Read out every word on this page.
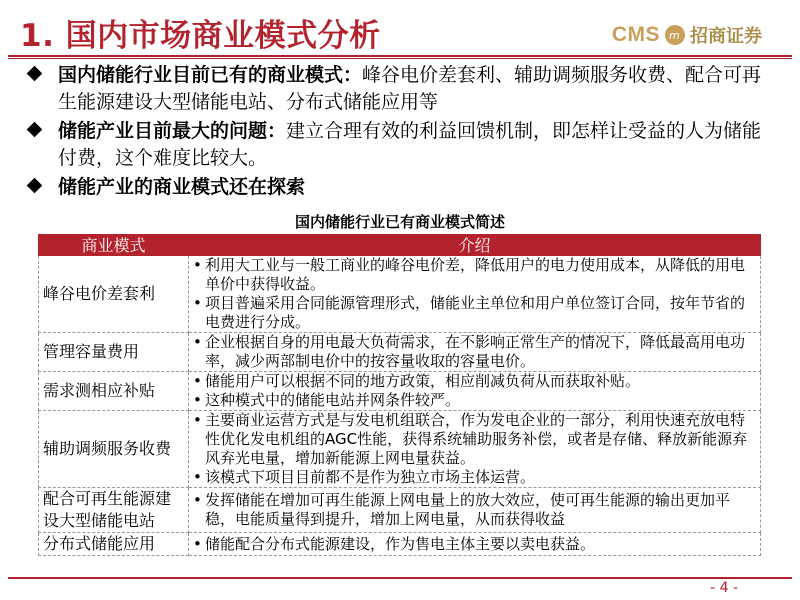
1. 国内市场商业模式分析	CMS m 招商证券
国内储能行业目前已有的商业模式：峰谷电价差套利、辅助调频服务收费、配合可再生能源建设大型储能电站、分布式储能应用等
储能产业目前最大的问题：建立合理有效的利益回馈机制，即怎样让受益的人为储能付费，这个难度比较大。
储能产业的商业模式还在探索
国内储能行业已有商业模式简述
商业模式	介绍
峰谷电价差套利	• 利用大工业与一般工商业的峰谷电价差，降低用户的电力使用成本，从降低的用电单价中获得收益。
• 项目普遍采用合同能源管理形式，储能业主单位和用户单位签订合同，按年节省的电费进行分成。

管理容量费用	• 企业根据自身的用电最大负荷需求，在不影响正常生产的情况下，降低最高用电功率，减少两部制电价中的按容量收取的容量电价。

需求测相应补贴	• 储能用户可以根据不同的地方政策，相应削减负荷从而获取补贴。
• 这种模式中的储能电站并网条件较严。

辅助调频服务收费	• 主要商业运营方式是与发电机组联合，作为发电企业的一部分，利用快速充放电特性优化发电机组的AGC性能，获得系统辅助服务补偿，或者是存储、释放新能源弃风弃光电量，增加新能源上网电量获益。
• 该模式下项目目前都不是作为独立市场主体运营。

配合可再生能源建设大型储能电站	• 发挥储能在增加可再生能源上网电量上的放大效应，使可再生能源的输出更加平稳，电能质量得到提升，增加上网电量，从而获得收益

分布式储能应用	• 储能配合分布式能源建设，作为售电主体主要以卖电获益。
- 4 -
